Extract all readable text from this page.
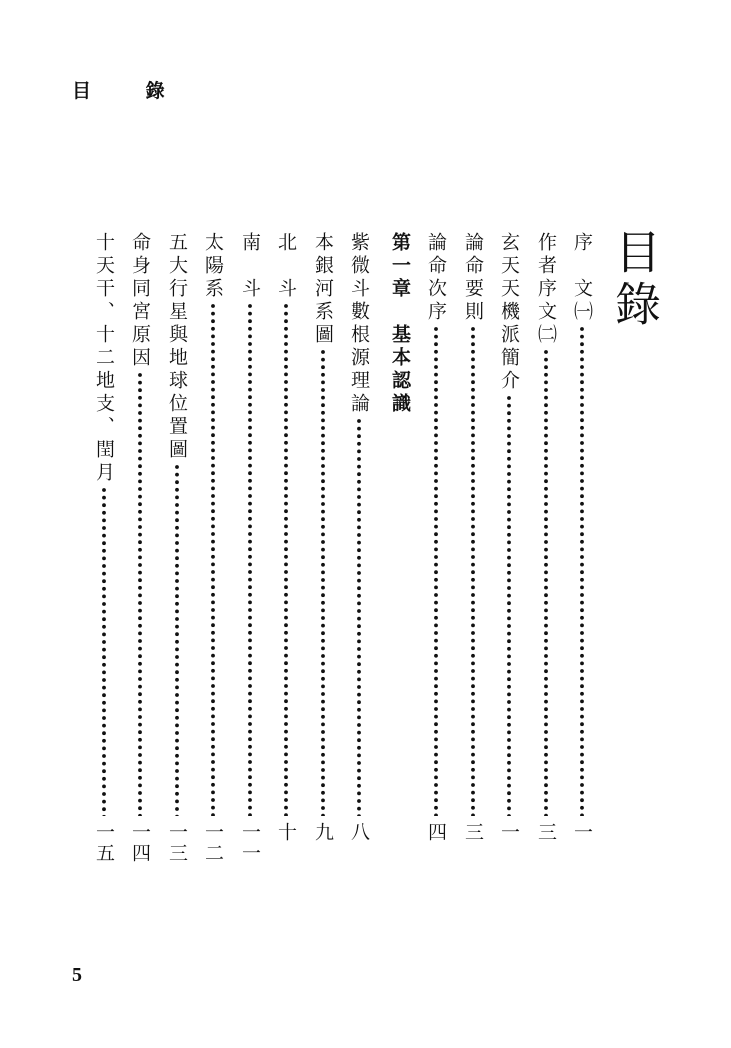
目 錄
目錄
序　文㈠
一
作者序文㈡
三
玄天天機派簡介
一
論命要則
三
論命次序
四
第一章　基本認識
紫微斗數根源理論
八
本銀河系圖
九
北　斗
十
南　斗
一一
太陽系
一二
五大行星與地球位置圖
一三
命身同宮原因
一四
十天干、十二地支、閏月
一五
5
